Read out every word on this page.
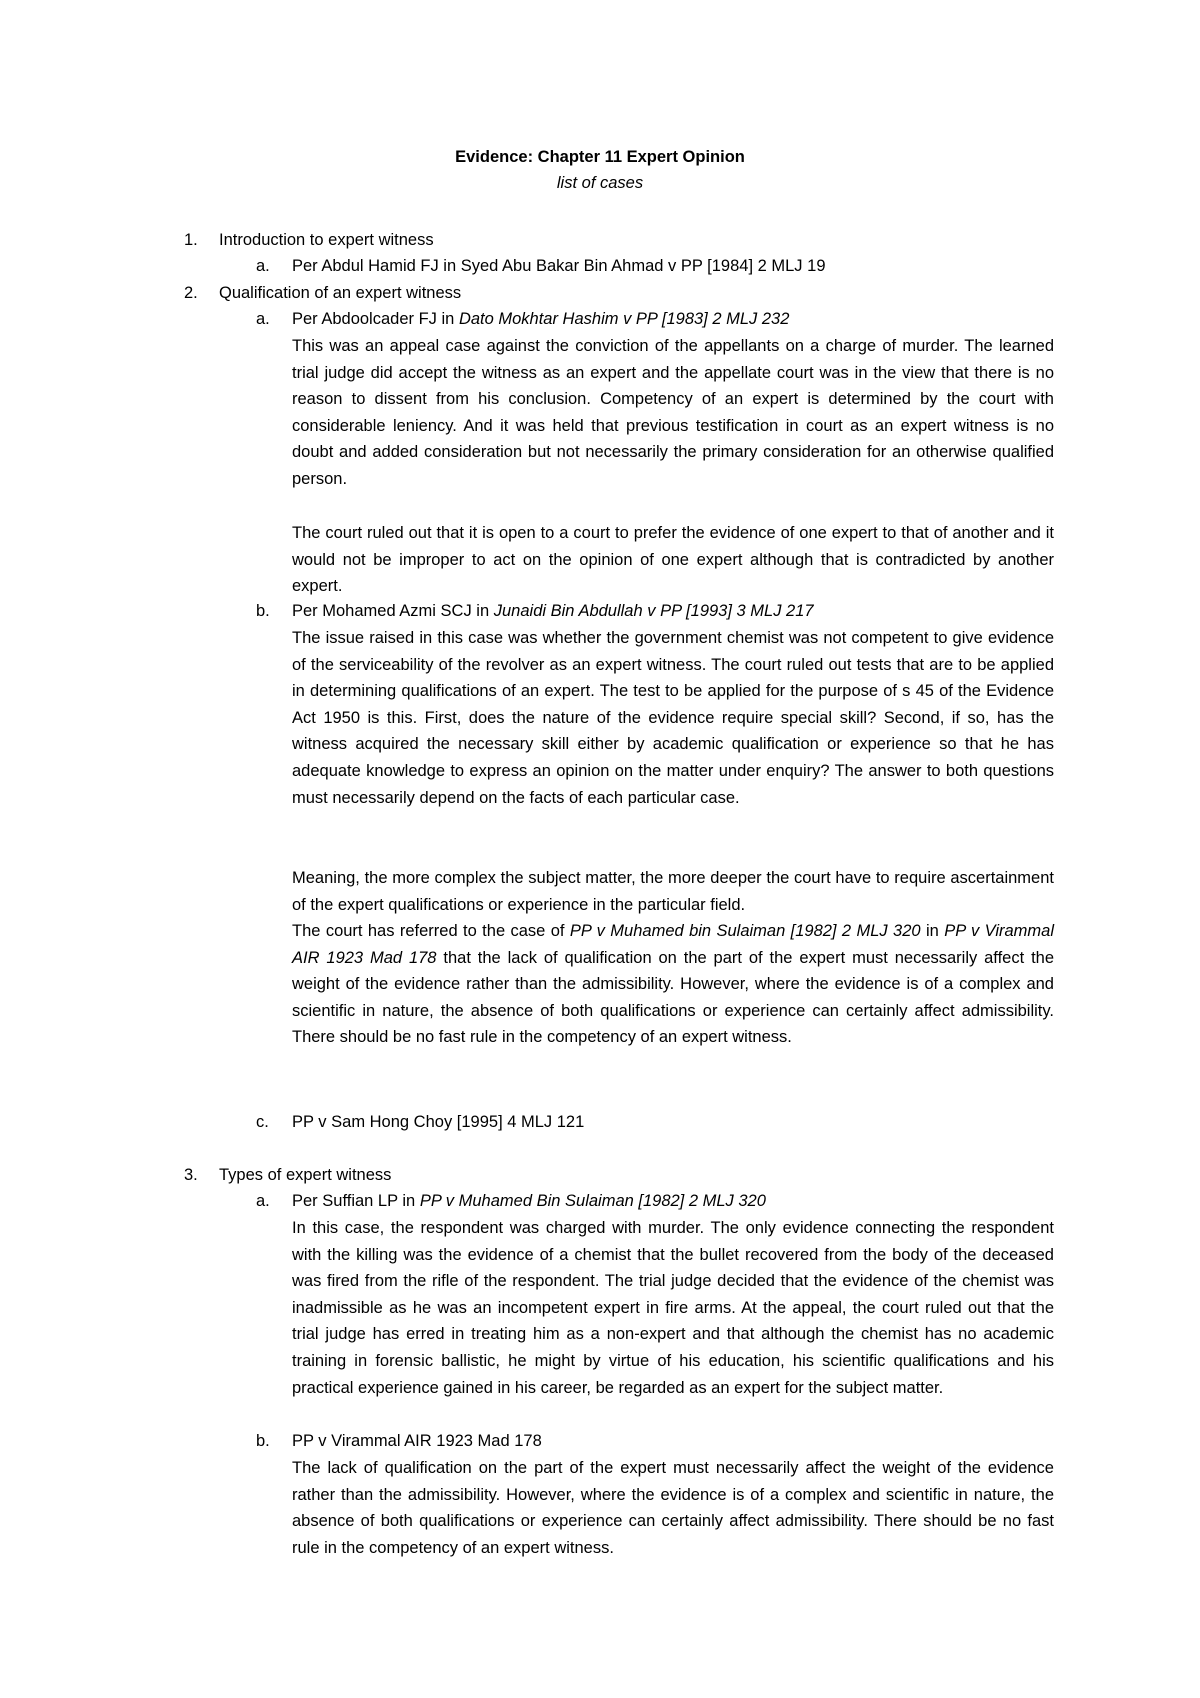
Evidence: Chapter 11 Expert Opinion
list of cases
1. Introduction to expert witness
a. Per Abdul Hamid FJ in Syed Abu Bakar Bin Ahmad v PP [1984] 2 MLJ 19
2. Qualification of an expert witness
a. Per Abdoolcader FJ in Dato Mokhtar Hashim v PP [1983] 2 MLJ 232
This was an appeal case against the conviction of the appellants on a charge of murder. The learned trial judge did accept the witness as an expert and the appellate court was in the view that there is no reason to dissent from his conclusion. Competency of an expert is determined by the court with considerable leniency. And it was held that previous testification in court as an expert witness is no doubt and added consideration but not necessarily the primary consideration for an otherwise qualified person.
The court ruled out that it is open to a court to prefer the evidence of one expert to that of another and it would not be improper to act on the opinion of one expert although that is contradicted by another expert.
b. Per Mohamed Azmi SCJ in Junaidi Bin Abdullah v PP [1993] 3 MLJ 217
The issue raised in this case was whether the government chemist was not competent to give evidence of the serviceability of the revolver as an expert witness. The court ruled out tests that are to be applied in determining qualifications of an expert. The test to be applied for the purpose of s 45 of the Evidence Act 1950 is this. First, does the nature of the evidence require special skill? Second, if so, has the witness acquired the necessary skill either by academic qualification or experience so that he has adequate knowledge to express an opinion on the matter under enquiry? The answer to both questions must necessarily depend on the facts of each particular case.
Meaning, the more complex the subject matter, the more deeper the court have to require ascertainment of the expert qualifications or experience in the particular field.
The court has referred to the case of PP v Muhamed bin Sulaiman [1982] 2 MLJ 320 in PP v Virammal AIR 1923 Mad 178 that the lack of qualification on the part of the expert must necessarily affect the weight of the evidence rather than the admissibility. However, where the evidence is of a complex and scientific in nature, the absence of both qualifications or experience can certainly affect admissibility. There should be no fast rule in the competency of an expert witness.
c. PP v Sam Hong Choy [1995] 4 MLJ 121
3. Types of expert witness
a. Per Suffian LP in PP v Muhamed Bin Sulaiman [1982] 2 MLJ 320
In this case, the respondent was charged with murder. The only evidence connecting the respondent with the killing was the evidence of a chemist that the bullet recovered from the body of the deceased was fired from the rifle of the respondent. The trial judge decided that the evidence of the chemist was inadmissible as he was an incompetent expert in fire arms. At the appeal, the court ruled out that the trial judge has erred in treating him as a non-expert and that although the chemist has no academic training in forensic ballistic, he might by virtue of his education, his scientific qualifications and his practical experience gained in his career, be regarded as an expert for the subject matter.
b. PP v Virammal AIR 1923 Mad 178
The lack of qualification on the part of the expert must necessarily affect the weight of the evidence rather than the admissibility. However, where the evidence is of a complex and scientific in nature, the absence of both qualifications or experience can certainly affect admissibility. There should be no fast rule in the competency of an expert witness.
